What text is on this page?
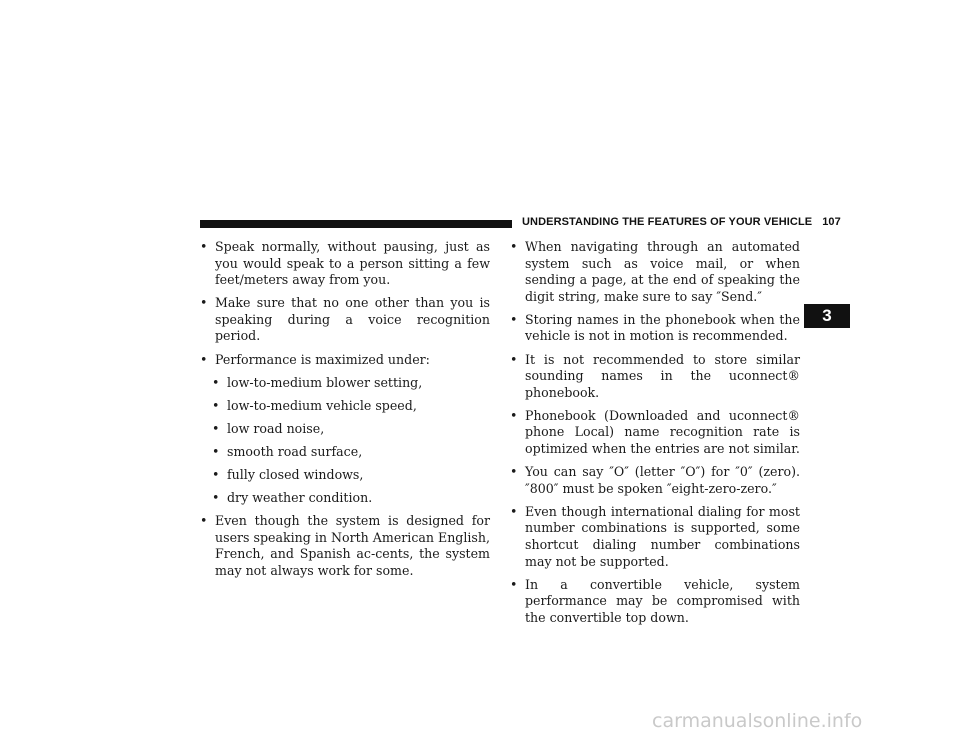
UNDERSTANDING THE FEATURES OF YOUR VEHICLE 107
• Speak normally, without pausing, just as you would speak to a person sitting a few feet/meters away from you.
• Make sure that no one other than you is speaking during a voice recognition period.
• Performance is maximized under:
• low-to-medium blower setting,
• low-to-medium vehicle speed,
• low road noise,
• smooth road surface,
• fully closed windows,
• dry weather condition.
• Even though the system is designed for users speaking in North American English, French, and Spanish ac-cents, the system may not always work for some.
• When navigating through an automated system such as voice mail, or when sending a page, at the end of speaking the digit string, make sure to say ″Send.″
• Storing names in the phonebook when the vehicle is not in motion is recommended.
• It is not recommended to store similar sounding names in the uconnect® phonebook.
• Phonebook (Downloaded and uconnect® phone Local) name recognition rate is optimized when the entries are not similar.
• You can say ″O″ (letter ″O″) for ″0″ (zero). ″800″ must be spoken ″eight-zero-zero.″
• Even though international dialing for most number combinations is supported, some shortcut dialing number combinations may not be supported.
• In a convertible vehicle, system performance may be compromised with the convertible top down.
3
carmanualsonline.info
